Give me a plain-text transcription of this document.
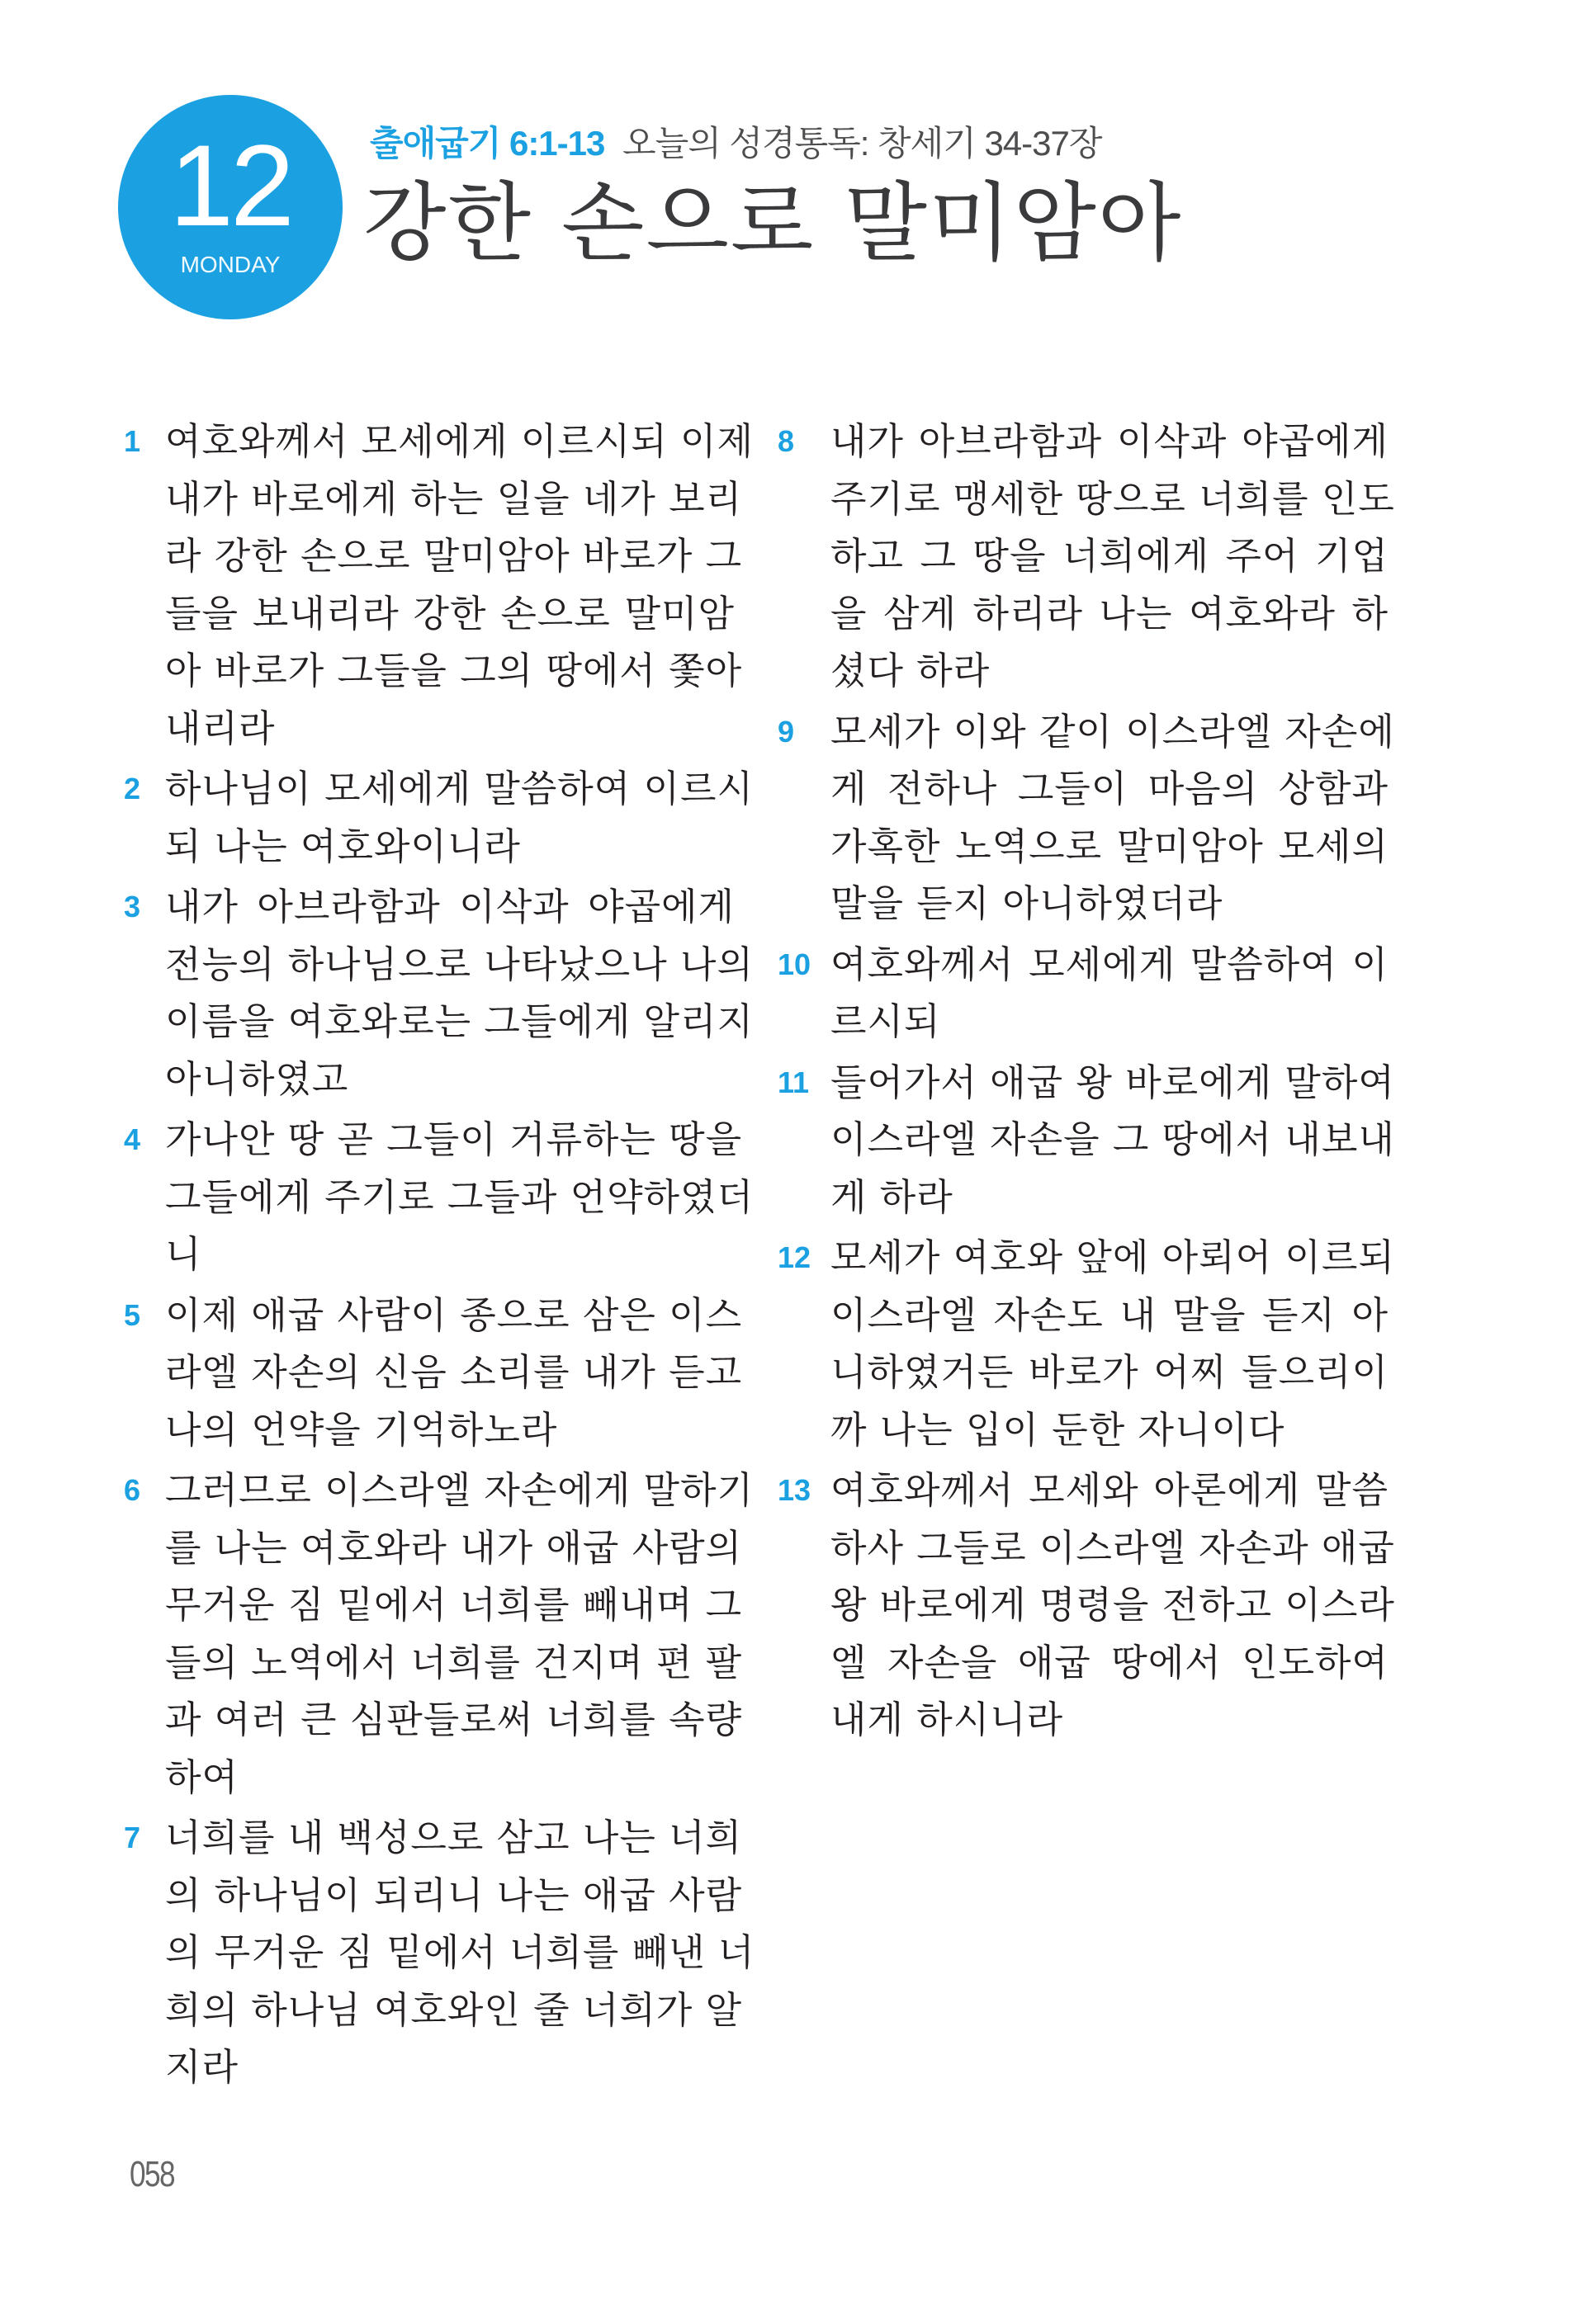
12
MONDAY
출애굽기 6:1-13 오늘의 성경통독: 창세기 34-37장
강한 손으로 말미암아
1 여호와께서 모세에게 이르시되 이제
내가 바로에게 하는 일을 네가 보리
라 강한 손으로 말미암아 바로가 그
들을 보내리라 강한 손으로 말미암
아 바로가 그들을 그의 땅에서 쫓아
내리라
2 하나님이 모세에게 말씀하여 이르시
되 나는 여호와이니라
3 내가 아브라함과 이삭과 야곱에게
전능의 하나님으로 나타났으나 나의
이름을 여호와로는 그들에게 알리지
아니하였고
4 가나안 땅 곧 그들이 거류하는 땅을
그들에게 주기로 그들과 언약하였더
니
5 이제 애굽 사람이 종으로 삼은 이스
라엘 자손의 신음 소리를 내가 듣고
나의 언약을 기억하노라
6 그러므로 이스라엘 자손에게 말하기
를 나는 여호와라 내가 애굽 사람의
무거운 짐 밑에서 너희를 빼내며 그
들의 노역에서 너희를 건지며 편 팔
과 여러 큰 심판들로써 너희를 속량
하여
7 너희를 내 백성으로 삼고 나는 너희
의 하나님이 되리니 나는 애굽 사람
의 무거운 짐 밑에서 너희를 빼낸 너
희의 하나님 여호와인 줄 너희가 알
지라
8 내가 아브라함과 이삭과 야곱에게
주기로 맹세한 땅으로 너희를 인도
하고 그 땅을 너희에게 주어 기업
을 삼게 하리라 나는 여호와라 하
셨다 하라
9 모세가 이와 같이 이스라엘 자손에
게 전하나 그들이 마음의 상함과
가혹한 노역으로 말미암아 모세의
말을 듣지 아니하였더라
10 여호와께서 모세에게 말씀하여 이
르시되
11 들어가서 애굽 왕 바로에게 말하여
이스라엘 자손을 그 땅에서 내보내
게 하라
12 모세가 여호와 앞에 아뢰어 이르되
이스라엘 자손도 내 말을 듣지 아
니하였거든 바로가 어찌 들으리이
까 나는 입이 둔한 자니이다
13 여호와께서 모세와 아론에게 말씀
하사 그들로 이스라엘 자손과 애굽
왕 바로에게 명령을 전하고 이스라
엘 자손을 애굽 땅에서 인도하여
내게 하시니라
058
